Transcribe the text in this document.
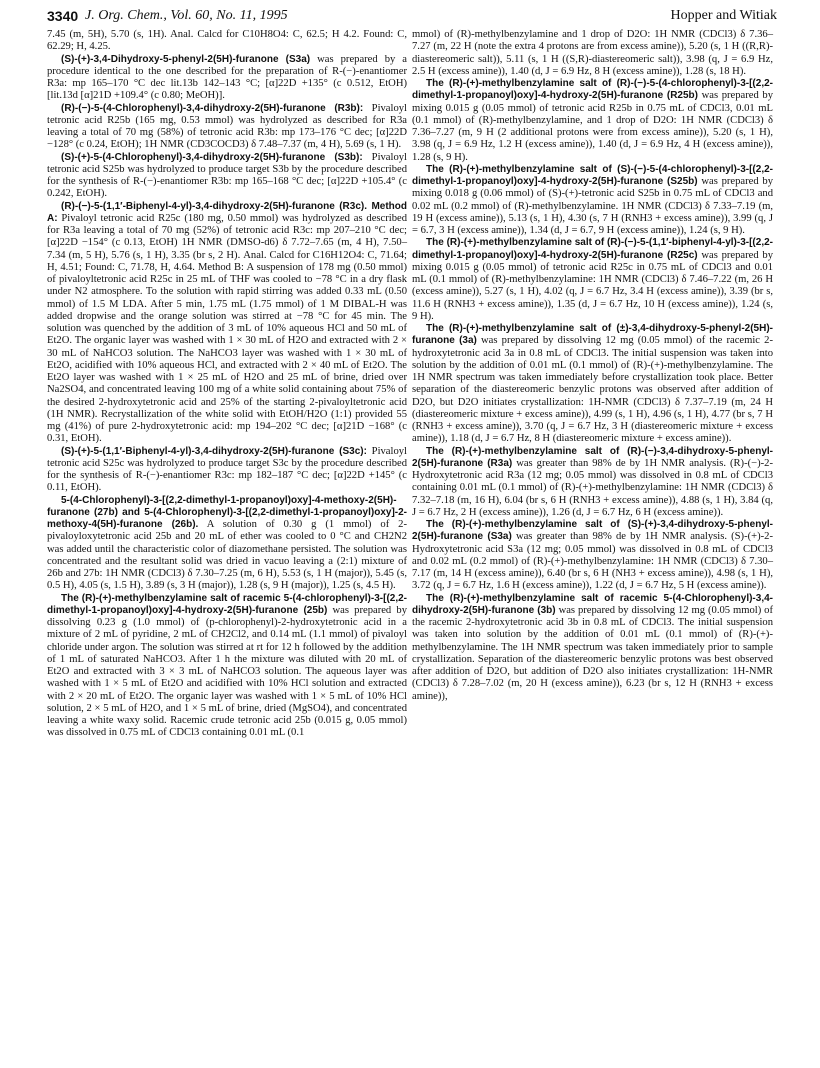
3340 J. Org. Chem., Vol. 60, No. 11, 1995	Hopper and Witiak

7.45 (m, 5H), 5.70 (s, 1H). Anal. Calcd for C10H8O4: C, 62.5; H 4.2. Found: C, 62.29; H, 4.25.

(S)-(+)-3,4-Dihydroxy-5-phenyl-2(5H)-furanone (S3a) was prepared by a procedure identical to the one described for the preparation of R-(−)-enantiomer R3a: mp 165–170 °C dec lit.13b 142–143 °C; [α]22D +135° (c 0.512, EtOH) [lit.13d [α]21D +109.4° (c 0.80; MeOH)].

(R)-(−)-5-(4-Chlorophenyl)-3,4-dihydroxy-2(5H)-furanone (R3b): Pivaloyl tetronic acid R25b (165 mg, 0.53 mmol) was hydrolyzed as described for R3a leaving a total of 70 mg (58%) of tetronic acid R3b: mp 173–176 °C dec; [α]22D −128° (c 0.24, EtOH); 1H NMR (CD3COCD3) δ 7.48–7.37 (m, 4 H), 5.69 (s, 1 H).

(S)-(+)-5-(4-Chlorophenyl)-3,4-dihydroxy-2(5H)-furanone (S3b): Pivaloyl tetronic acid S25b was hydrolyzed to produce target S3b by the procedure described for the synthesis of R-(−)-enantiomer R3b: mp 165–168 °C dec; [α]22D +105.4° (c 0.242, EtOH).

(R)-(−)-5-(1,1′-Biphenyl-4-yl)-3,4-dihydroxy-2(5H)-furanone (R3c). Method A: Pivaloyl tetronic acid R25c (180 mg, 0.50 mmol) was hydrolyzed as described for R3a leaving a total of 70 mg (52%) of tetronic acid R3c: mp 207–210 °C dec; [α]22D −154° (c 0.13, EtOH) 1H NMR (DMSO-d6) δ 7.72–7.65 (m, 4 H), 7.50–7.34 (m, 5 H), 5.76 (s, 1 H), 3.35 (br s, 2 H). Anal. Calcd for C16H12O4: C, 71.64; H, 4.51; Found: C, 71.78, H, 4.64. Method B: A suspension of 178 mg (0.50 mmol) of pivaloyltetronic acid R25c in 25 mL of THF was cooled to −78 °C in a dry flask under N2 atmosphere. To the solution with rapid stirring was added 0.33 mL (0.50 mmol) of 1.5 M LDA. After 5 min, 1.75 mL (1.75 mmol) of 1 M DIBAL-H was added dropwise and the orange solution was stirred at −78 °C for 45 min. The solution was quenched by the addition of 3 mL of 10% aqueous HCl and 50 mL of Et2O. The organic layer was washed with 1 × 30 mL of H2O and extracted with 2 × 30 mL of NaHCO3 solution. The NaHCO3 layer was washed with 1 × 30 mL of Et2O, acidified with 10% aqueous HCl, and extracted with 2 × 40 mL of Et2O. The Et2O layer was washed with 1 × 25 mL of H2O and 25 mL of brine, dried over Na2SO4, and concentrated leaving 100 mg of a white solid containing about 75% of the desired 2-hydroxytetronic acid and 25% of the starting 2-pivaloyltetronic acid (1H NMR). Recrystallization of the white solid with EtOH/H2O (1:1) provided 55 mg (41%) of pure 2-hydroxytetronic acid: mp 194–202 °C dec; [α]21D −168° (c 0.31, EtOH).

(S)-(+)-5-(1,1′-Biphenyl-4-yl)-3,4-dihydroxy-2(5H)-furanone (S3c): Pivaloyl tetronic acid S25c was hydrolyzed to produce target S3c by the procedure described for the synthesis of R-(−)-enantiomer R3c: mp 182–187 °C dec; [α]22D +145° (c 0.11, EtOH).

5-(4-Chlorophenyl)-3-[(2,2-dimethyl-1-propanoyl)oxy]-4-methoxy-2(5H)-furanone (27b) and 5-(4-Chlorophenyl)-3-[(2,2-dimethyl-1-propanoyl)oxy]-2-methoxy-4(5H)-furanone (26b). A solution of 0.30 g (1 mmol) of 2-pivaloyloxytetronic acid 25b and 20 mL of ether was cooled to 0 °C and CH2N2 was added until the characteristic color of diazomethane persisted. The solution was concentrated and the resultant solid was dried in vacuo leaving a (2:1) mixture of 26b and 27b: 1H NMR (CDCl3) δ 7.30–7.25 (m, 6 H), 5.53 (s, 1 H (major)), 5.45 (s, 0.5 H), 4.05 (s, 1.5 H), 3.89 (s, 3 H (major)), 1.28 (s, 9 H (major)), 1.25 (s, 4.5 H).

The (R)-(+)-methylbenzylamine salt of racemic 5-(4-chlorophenyl)-3-[(2,2-dimethyl-1-propanoyl)oxy]-4-hydroxy-2(5H)-furanone (25b) was prepared by dissolving 0.23 g (1.0 mmol) of (p-chlorophenyl)-2-hydroxytetronic acid in a mixture of 2 mL of pyridine, 2 mL of CH2Cl2, and 0.14 mL (1.1 mmol) of pivaloyl chloride under argon. The solution was stirred at rt for 12 h followed by the addition of 1 mL of saturated NaHCO3. After 1 h the mixture was diluted with 20 mL of Et2O and extracted with 3 × 3 mL of NaHCO3 solution. The aqueous layer was washed with 1 × 5 mL of Et2O and acidified with 10% HCl solution and extracted with 2 × 20 mL of Et2O. The organic layer was washed with 1 × 5 mL of 10% HCl solution, 2 × 5 mL of H2O, and 1 × 5 mL of brine, dried (MgSO4), and concentrated leaving a white waxy solid. Racemic crude tetronic acid 25b (0.015 g, 0.05 mmol) was dissolved in 0.75 mL of CDCl3 containing 0.01 mL (0.1

mmol) of (R)-methylbenzylamine and 1 drop of D2O: 1H NMR (CDCl3) δ 7.36–7.27 (m, 22 H (note the extra 4 protons are from excess amine)), 5.20 (s, 1 H ((R,R)-diastereomeric salt)), 5.11 (s, 1 H ((S,R)-diastereomeric salt)), 3.98 (q, J = 6.9 Hz, 2.5 H (excess amine)), 1.40 (d, J = 6.9 Hz, 8 H (excess amine)), 1.28 (s, 18 H).

The (R)-(+)-methylbenzylamine salt of (R)-(−)-5-(4-chlorophenyl)-3-[(2,2-dimethyl-1-propanoyl)oxy]-4-hydroxy-2(5H)-furanone (R25b) was prepared by mixing 0.015 g (0.05 mmol) of tetronic acid R25b in 0.75 mL of CDCl3, 0.01 mL (0.1 mmol) of (R)-methylbenzylamine, and 1 drop of D2O: 1H NMR (CDCl3) δ 7.36–7.27 (m, 9 H (2 additional protons were from excess amine)), 5.20 (s, 1 H), 3.98 (q, J = 6.9 Hz, 1.2 H (excess amine)), 1.40 (d, J = 6.9 Hz, 4 H (excess amine)), 1.28 (s, 9 H).

The (R)-(+)-methylbenzylamine salt of (S)-(−)-5-(4-chlorophenyl)-3-[(2,2-dimethyl-1-propanoyl)oxy]-4-hydroxy-2(5H)-furanone (S25b) was prepared by mixing 0.018 g (0.06 mmol) of (S)-(+)-tetronic acid S25b in 0.75 mL of CDCl3 and 0.02 mL (0.2 mmol) of (R)-methylbenzylamine. 1H NMR (CDCl3) δ 7.33–7.19 (m, 19 H (excess amine)), 5.13 (s, 1 H), 4.30 (s, 7 H (RNH3 + excess amine)), 3.99 (q, J = 6.7, 3 H (excess amine)), 1.34 (d, J = 6.7, 9 H (excess amine)), 1.24 (s, 9 H).

The (R)-(+)-methylbenzylamine salt of (R)-(−)-5-(1,1′-biphenyl-4-yl)-3-[(2,2-dimethyl-1-propanoyl)oxy]-4-hydroxy-2(5H)-furanone (R25c) was prepared by mixing 0.015 g (0.05 mmol) of tetronic acid R25c in 0.75 mL of CDCl3 and 0.01 mL (0.1 mmol) of (R)-methylbenzylamine: 1H NMR (CDCl3) δ 7.46–7.22 (m, 26 H (excess amine)), 5.27 (s, 1 H), 4.02 (q, J = 6.7 Hz, 3.4 H (excess amine)), 3.39 (br s, 11.6 H (RNH3 + excess amine)), 1.35 (d, J = 6.7 Hz, 10 H (excess amine)), 1.24 (s, 9 H).

The (R)-(+)-methylbenzylamine salt of (±)-3,4-dihydroxy-5-phenyl-2(5H)-furanone (3a) was prepared by dissolving 12 mg (0.05 mmol) of the racemic 2-hydroxytetronic acid 3a in 0.8 mL of CDCl3. The initial suspension was taken into solution by the addition of 0.01 mL (0.1 mmol) of (R)-(+)-methylbenzylamine. The 1H NMR spectrum was taken immediately before crystallization took place. Better separation of the diastereomeric benzylic protons was observed after addition of D2O, but D2O initiates crystallization: 1H-NMR (CDCl3) δ 7.37–7.19 (m, 24 H (diastereomeric mixture + excess amine)), 4.99 (s, 1 H), 4.96 (s, 1 H), 4.77 (br s, 7 H (RNH3 + excess amine)), 3.70 (q, J = 6.7 Hz, 3 H (diastereomeric mixture + excess amine)), 1.18 (d, J = 6.7 Hz, 8 H (diastereomeric mixture + excess amine)).

The (R)-(+)-methylbenzylamine salt of (R)-(−)-3,4-dihydroxy-5-phenyl-2(5H)-furanone (R3a) was greater than 98% de by 1H NMR analysis. (R)-(−)-2-Hydroxytetronic acid R3a (12 mg; 0.05 mmol) was dissolved in 0.8 mL of CDCl3 containing 0.01 mL (0.1 mmol) of (R)-(+)-methylbenzylamine: 1H NMR (CDCl3) δ 7.32–7.18 (m, 16 H), 6.04 (br s, 6 H (RNH3 + excess amine)), 4.88 (s, 1 H), 3.84 (q, J = 6.7 Hz, 2 H (excess amine)), 1.26 (d, J = 6.7 Hz, 6 H (excess amine)).

The (R)-(+)-methylbenzylamine salt of (S)-(+)-3,4-dihydroxy-5-phenyl-2(5H)-furanone (S3a) was greater than 98% de by 1H NMR analysis. (S)-(+)-2-Hydroxytetronic acid S3a (12 mg; 0.05 mmol) was dissolved in 0.8 mL of CDCl3 and 0.02 mL (0.2 mmol) of (R)-(+)-methylbenzylamine: 1H NMR (CDCl3) δ 7.30–7.17 (m, 14 H (excess amine)), 6.40 (br s, 6 H (NH3 + excess amine)), 4.98 (s, 1 H), 3.72 (q, J = 6.7 Hz, 1.6 H (excess amine)), 1.22 (d, J = 6.7 Hz, 5 H (excess amine)).

The (R)-(+)-methylbenzylamine salt of racemic 5-(4-Chlorophenyl)-3,4-dihydroxy-2(5H)-furanone (3b) was prepared by dissolving 12 mg (0.05 mmol) of the racemic 2-hydroxytetronic acid 3b in 0.8 mL of CDCl3. The initial suspension was taken into solution by the addition of 0.01 mL (0.1 mmol) of (R)-(+)-methylbenzylamine. The 1H NMR spectrum was taken immediately prior to sample crystallization. Separation of the diastereomeric benzylic protons was best observed after addition of D2O, but addition of D2O also initiates crystallization: 1H-NMR (CDCl3) δ 7.28–7.02 (m, 20 H (excess amine)), 6.23 (br s, 12 H (RNH3 + excess amine)),
